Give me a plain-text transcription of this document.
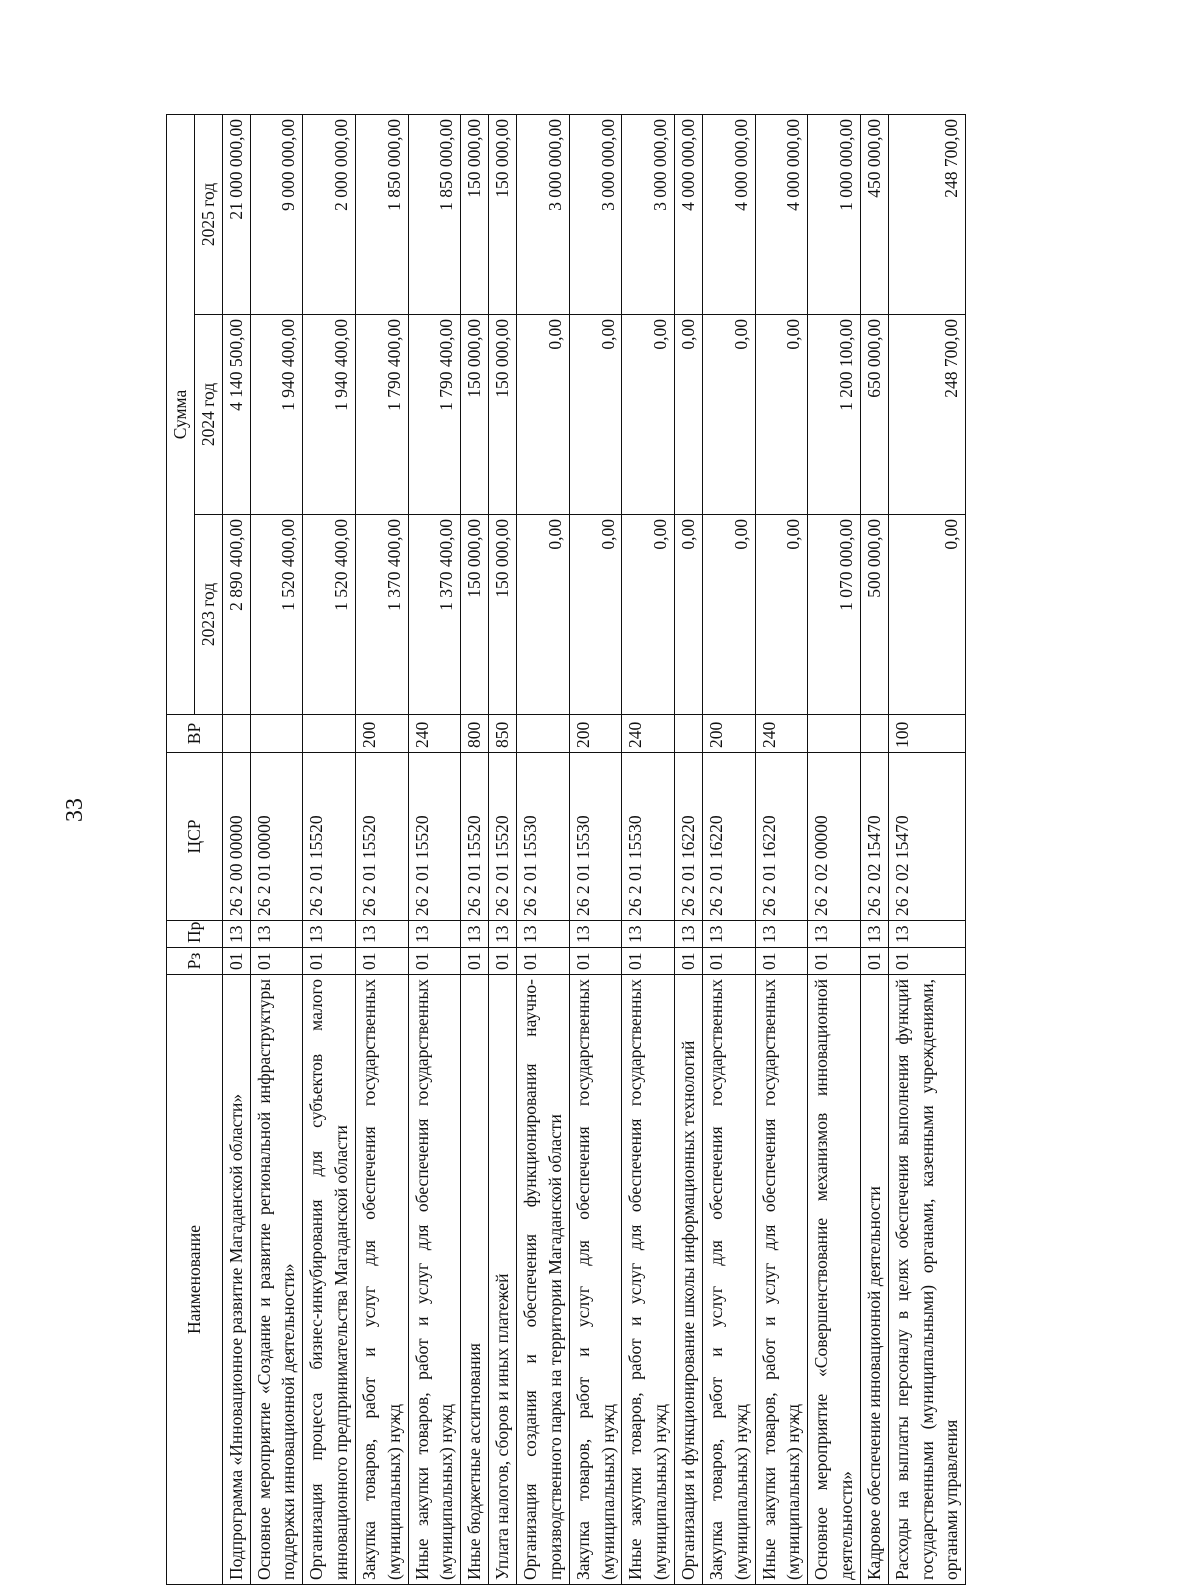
33
Наименование	Рз	Пр	ЦСР	ВР	Сумма		
					2023 год	2024 год	2025 год
Подпрограмма «Инновационное развитие Магаданской области»	01	13	26 2 00 00000		2 890 400,00	4 140 500,00	21 000 000,00
Основное мероприятие «Создание и развитие региональной инфраструктуры поддержки инновационной деятельности»	01	13	26 2 01 00000		1 520 400,00	1 940 400,00	9 000 000,00
Организация процесса бизнес-инкубирования для субъектов малого инновационного предпринимательства Магаданской области	01	13	26 2 01 15520		1 520 400,00	1 940 400,00	2 000 000,00
Закупка товаров, работ и услуг для обеспечения государственных (муниципальных) нужд	01	13	26 2 01 15520	200	1 370 400,00	1 790 400,00	1 850 000,00
Иные закупки товаров, работ и услуг для обеспечения государственных (муниципальных) нужд	01	13	26 2 01 15520	240	1 370 400,00	1 790 400,00	1 850 000,00
Иные бюджетные ассигнования	01	13	26 2 01 15520	800	150 000,00	150 000,00	150 000,00
Уплата налогов, сборов и иных платежей	01	13	26 2 01 15520	850	150 000,00	150 000,00	150 000,00
Организация создания и обеспечения функционирования научно-производственного парка на территории Магаданской области	01	13	26 2 01 15530		0,00	0,00	3 000 000,00
Закупка товаров, работ и услуг для обеспечения государственных (муниципальных) нужд	01	13	26 2 01 15530	200	0,00	0,00	3 000 000,00
Иные закупки товаров, работ и услуг для обеспечения государственных (муниципальных) нужд	01	13	26 2 01 15530	240	0,00	0,00	3 000 000,00
Организация и функционирование школы информационных технологий	01	13	26 2 01 16220		0,00	0,00	4 000 000,00
Закупка товаров, работ и услуг для обеспечения государственных (муниципальных) нужд	01	13	26 2 01 16220	200	0,00	0,00	4 000 000,00
Иные закупки товаров, работ и услуг для обеспечения государственных (муниципальных) нужд	01	13	26 2 01 16220	240	0,00	0,00	4 000 000,00
Основное мероприятие «Совершенствование механизмов инновационной деятельности»	01	13	26 2 02 00000		1 070 000,00	1 200 100,00	1 000 000,00
Кадровое обеспечение инновационной деятельности	01	13	26 2 02 15470		500 000,00	650 000,00	450 000,00
Расходы на выплаты персоналу в целях обеспечения выполнения функций государственными (муниципальными) органами, казенными учреждениями, органами управления	01	13	26 2 02 15470	100	0,00	248 700,00	248 700,00
